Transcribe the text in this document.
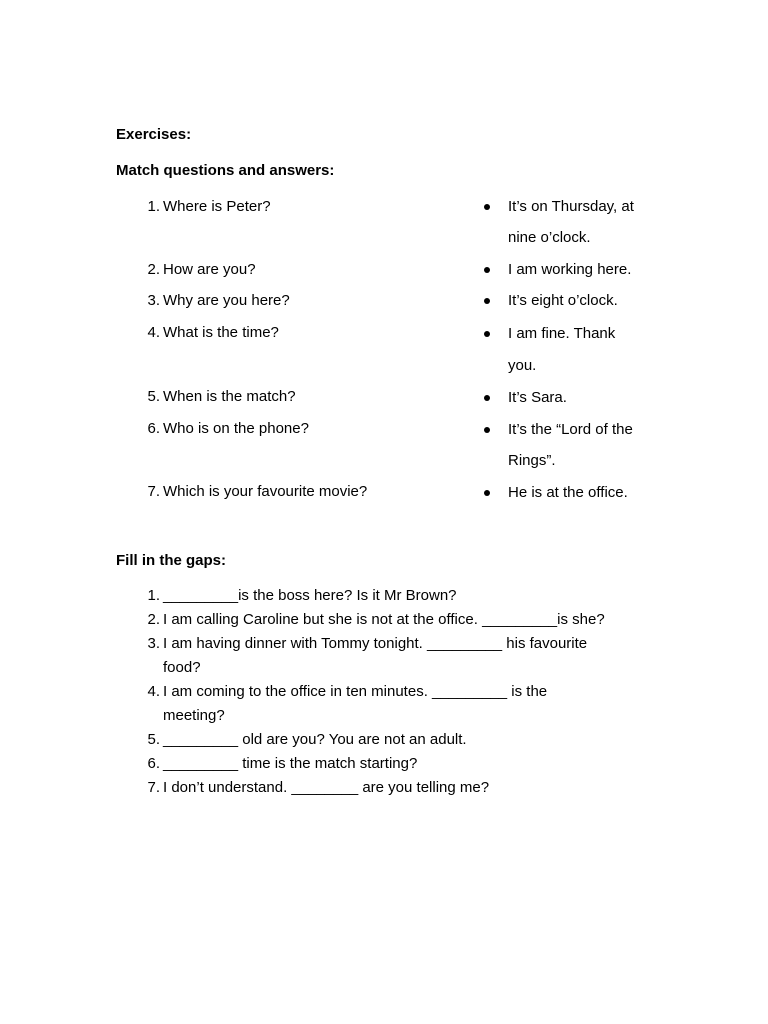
Exercises:
Match questions and answers:
1. Where is Peter?
2. How are you?
3. Why are you here?
4. What is the time?
5. When is the match?
6. Who is on the phone?
7. Which is your favourite movie?
It’s on Thursday, at
nine o’clock.
I am working here.
It’s eight o’clock.
I am fine. Thank
you.
It’s Sara.
It’s the “Lord of the
Rings”.
He is at the office.
Fill in the gaps:
1. _________is the boss here? Is it Mr Brown?
2. I am calling Caroline but she is not at the office. _________is she?
3. I am having dinner with Tommy tonight. _________ his favourite
food?
4. I am coming to the office in ten minutes. _________ is the
meeting?
5. _________ old are you? You are not an adult.
6. _________ time is the match starting?
7. I don’t understand. ________ are you telling me?
